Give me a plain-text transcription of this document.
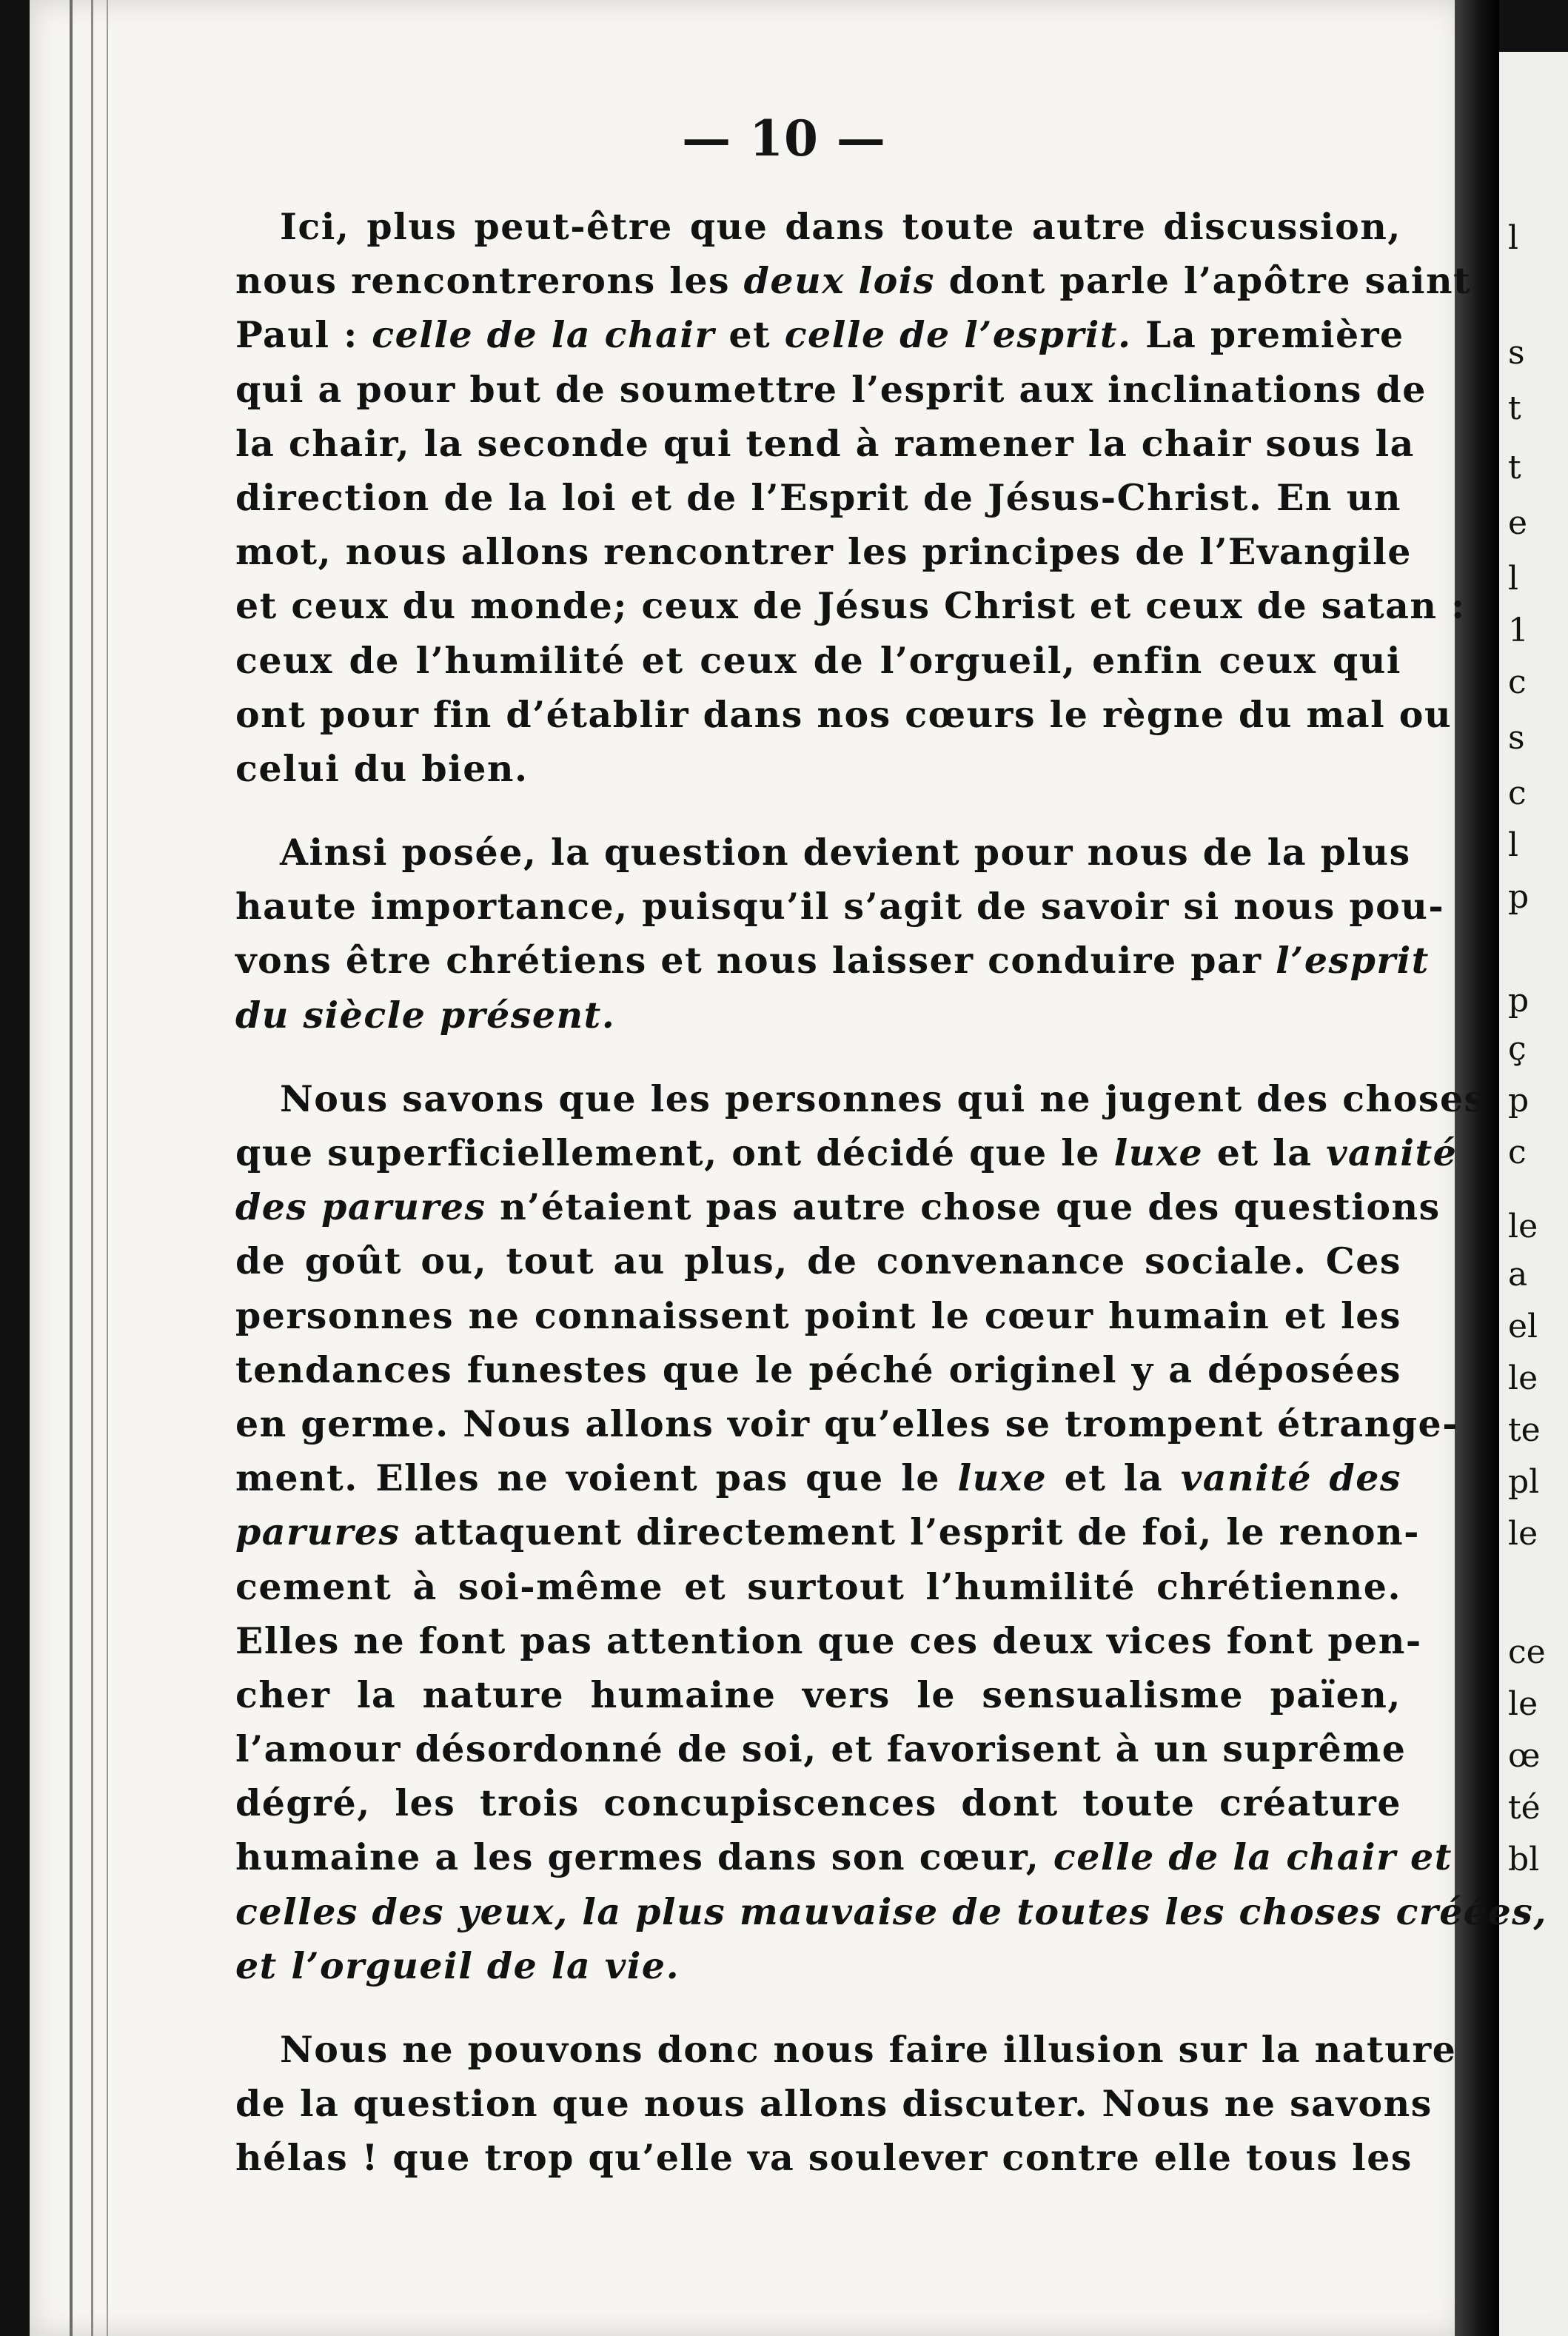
l
s
t
t
e
l
1
c
s
c
l
p
p
ç
p
c
le
a
el
le
te
pl
le
ce
le
œ
té
bl
— 10 —
Ici, plus peut-être que dans toute autre discussion,
nous rencontrerons les deux lois dont parle l’apôtre saint
Paul : celle de la chair et celle de l’esprit. La première
qui a pour but de soumettre l’esprit aux inclinations de
la chair, la seconde qui tend à ramener la chair sous la
direction de la loi et de l’Esprit de Jésus-Christ. En un
mot, nous allons rencontrer les principes de l’Evangile
et ceux du monde; ceux de Jésus Christ et ceux de satan :
ceux de l’humilité et ceux de l’orgueil, enfin ceux qui
ont pour fin d’établir dans nos cœurs le règne du mal ou
celui du bien.
Ainsi posée, la question devient pour nous de la plus
haute importance, puisqu’il s’agit de savoir si nous pou-
vons être chrétiens et nous laisser conduire par l’esprit
du siècle présent.
Nous savons que les personnes qui ne jugent des choses
que superficiellement, ont décidé que le luxe et la vanité
des parures n’étaient pas autre chose que des questions
de goût ou, tout au plus, de convenance sociale. Ces
personnes ne connaissent point le cœur humain et les
tendances funestes que le péché originel y a déposées
en germe. Nous allons voir qu’elles se trompent étrange-
ment. Elles ne voient pas que le luxe et la vanité des
parures attaquent directement l’esprit de foi, le renon-
cement à soi-même et surtout l’humilité chrétienne.
Elles ne font pas attention que ces deux vices font pen-
cher la nature humaine vers le sensualisme païen,
l’amour désordonné de soi, et favorisent à un suprême
dégré, les trois concupiscences dont toute créature
humaine a les germes dans son cœur, celle de la chair et
celles des yeux, la plus mauvaise de toutes les choses créées,
et l’orgueil de la vie.
Nous ne pouvons donc nous faire illusion sur la nature
de la question que nous allons discuter. Nous ne savons
hélas ! que trop qu’elle va soulever contre elle tous les
